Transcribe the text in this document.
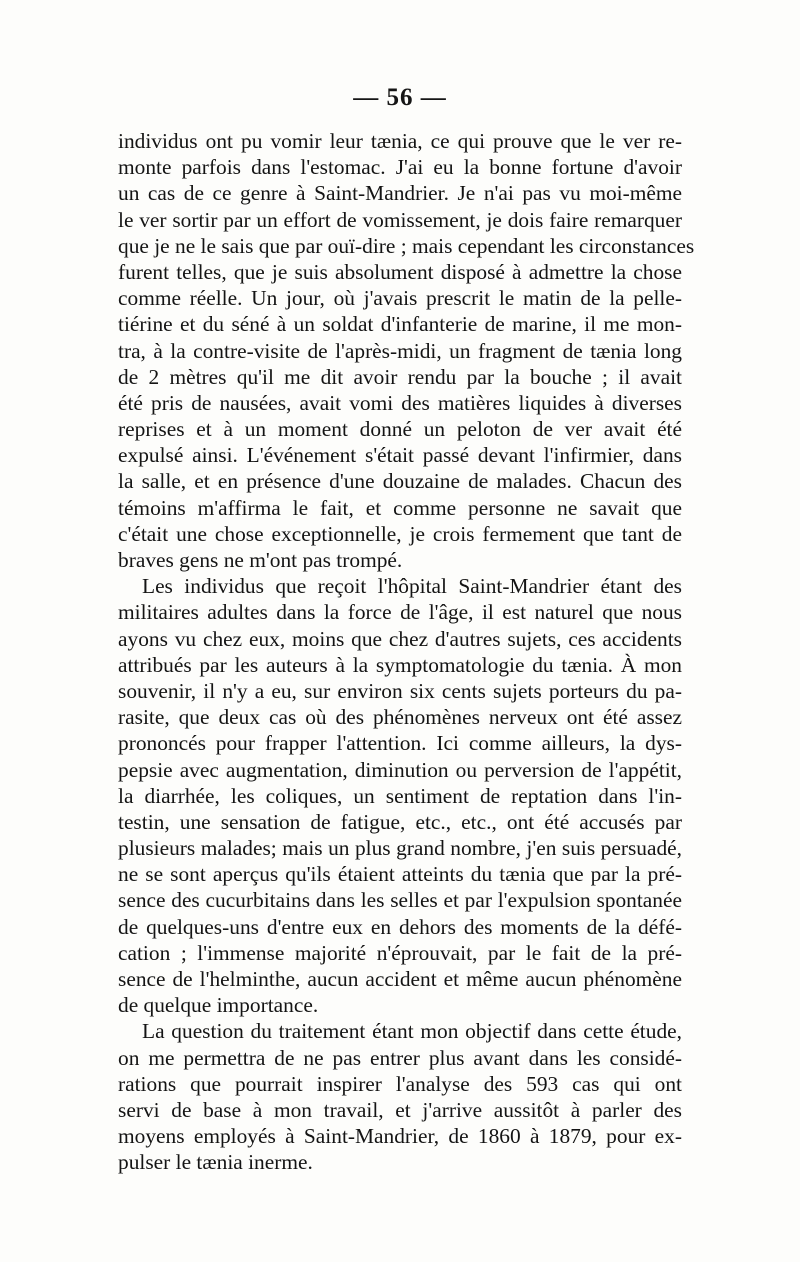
— 56 —
individus ont pu vomir leur tænia, ce qui prouve que le ver re-
monte parfois dans l'estomac. J'ai eu la bonne fortune d'avoir
un cas de ce genre à Saint-Mandrier. Je n'ai pas vu moi-même
le ver sortir par un effort de vomissement, je dois faire remarquer
que je ne le sais que par ouï-dire ; mais cependant les circonstances
furent telles, que je suis absolument disposé à admettre la chose
comme réelle. Un jour, où j'avais prescrit le matin de la pelle-
tiérine et du séné à un soldat d'infanterie de marine, il me mon-
tra, à la contre-visite de l'après-midi, un fragment de tænia long
de 2 mètres qu'il me dit avoir rendu par la bouche ; il avait
été pris de nausées, avait vomi des matières liquides à diverses
reprises et à un moment donné un peloton de ver avait été
expulsé ainsi. L'événement s'était passé devant l'infirmier, dans
la salle, et en présence d'une douzaine de malades. Chacun des
témoins m'affirma le fait, et comme personne ne savait que
c'était une chose exceptionnelle, je crois fermement que tant de
braves gens ne m'ont pas trompé.
Les individus que reçoit l'hôpital Saint-Mandrier étant des
militaires adultes dans la force de l'âge, il est naturel que nous
ayons vu chez eux, moins que chez d'autres sujets, ces accidents
attribués par les auteurs à la symptomatologie du tænia. À mon
souvenir, il n'y a eu, sur environ six cents sujets porteurs du pa-
rasite, que deux cas où des phénomènes nerveux ont été assez
prononcés pour frapper l'attention. Ici comme ailleurs, la dys-
pepsie avec augmentation, diminution ou perversion de l'appétit,
la diarrhée, les coliques, un sentiment de reptation dans l'in-
testin, une sensation de fatigue, etc., etc., ont été accusés par
plusieurs malades; mais un plus grand nombre, j'en suis persuadé,
ne se sont aperçus qu'ils étaient atteints du tænia que par la pré-
sence des cucurbitains dans les selles et par l'expulsion spontanée
de quelques-uns d'entre eux en dehors des moments de la défé-
cation ; l'immense majorité n'éprouvait, par le fait de la pré-
sence de l'helminthe, aucun accident et même aucun phénomène
de quelque importance.
La question du traitement étant mon objectif dans cette étude,
on me permettra de ne pas entrer plus avant dans les considé-
rations que pourrait inspirer l'analyse des 593 cas qui ont
servi de base à mon travail, et j'arrive aussitôt à parler des
moyens employés à Saint-Mandrier, de 1860 à 1879, pour ex-
pulser le tænia inerme.
